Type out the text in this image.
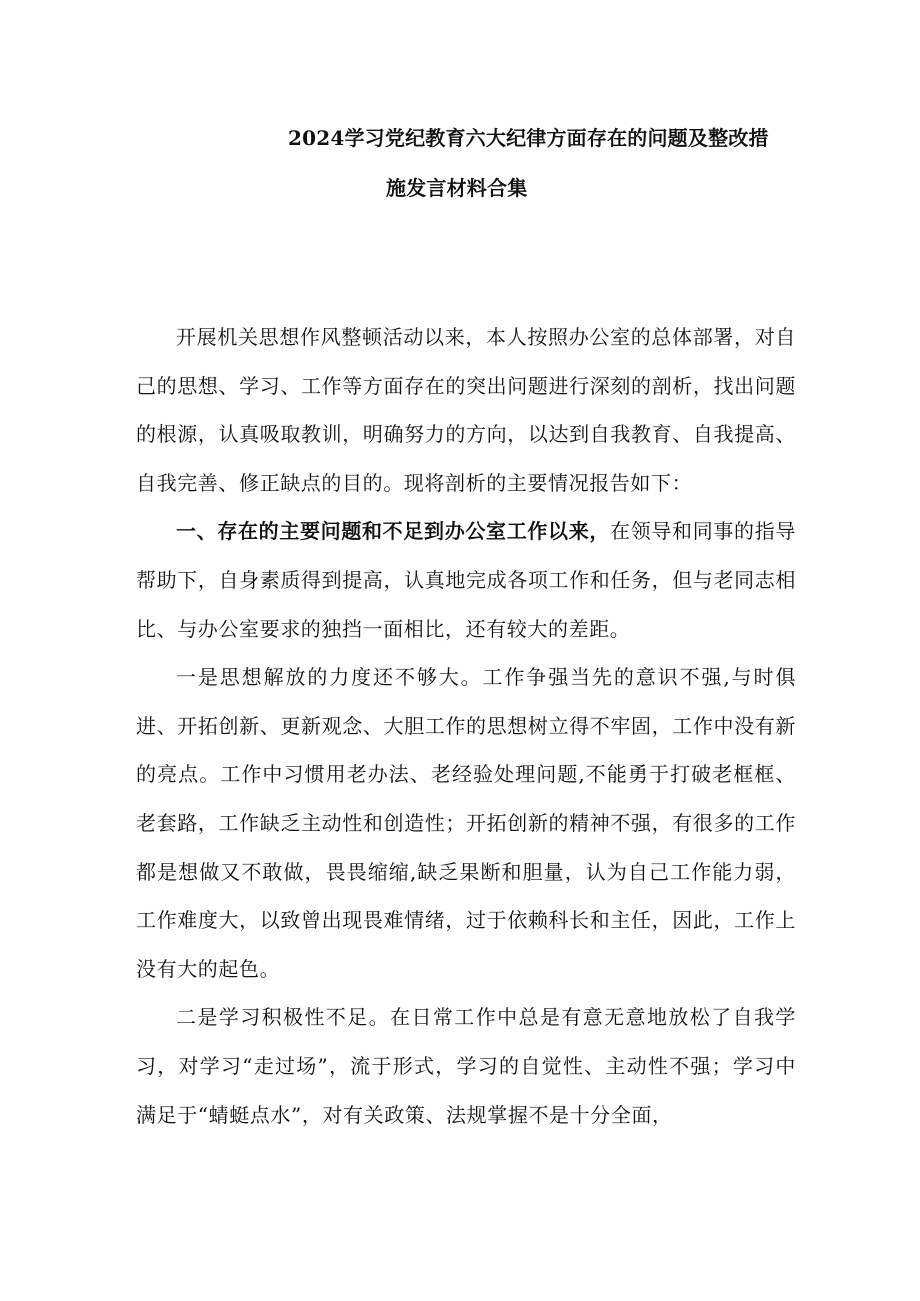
2024学习党纪教育六大纪律方面存在的问题及整改措
施发言材料合集

开展机关思想作风整顿活动以来，本人按照办公室的总体部署，对自己的思想、学习、工作等方面存在的突出问题进行深刻的剖析，找出问题的根源，认真吸取教训，明确努力的方向，以达到自我教育、自我提高、自我完善、修正缺点的目的。现将剖析的主要情况报告如下：

一、存在的主要问题和不足到办公室工作以来，在领导和同事的指导帮助下，自身素质得到提高，认真地完成各项工作和任务，但与老同志相比、与办公室要求的独挡一面相比，还有较大的差距。

一是思想解放的力度还不够大。工作争强当先的意识不强,与时俱进、开拓创新、更新观念、大胆工作的思想树立得不牢固，工作中没有新的亮点。工作中习惯用老办法、老经验处理问题,不能勇于打破老框框、老套路，工作缺乏主动性和创造性；开拓创新的精神不强，有很多的工作都是想做又不敢做，畏畏缩缩,缺乏果断和胆量，认为自己工作能力弱，工作难度大，以致曾出现畏难情绪，过于依赖科长和主任，因此，工作上没有大的起色。

二是学习积极性不足。在日常工作中总是有意无意地放松了自我学习，对学习“走过场”，流于形式，学习的自觉性、主动性不强；学习中满足于“蜻蜓点水”，对有关政策、法规掌握不是十分全面，
